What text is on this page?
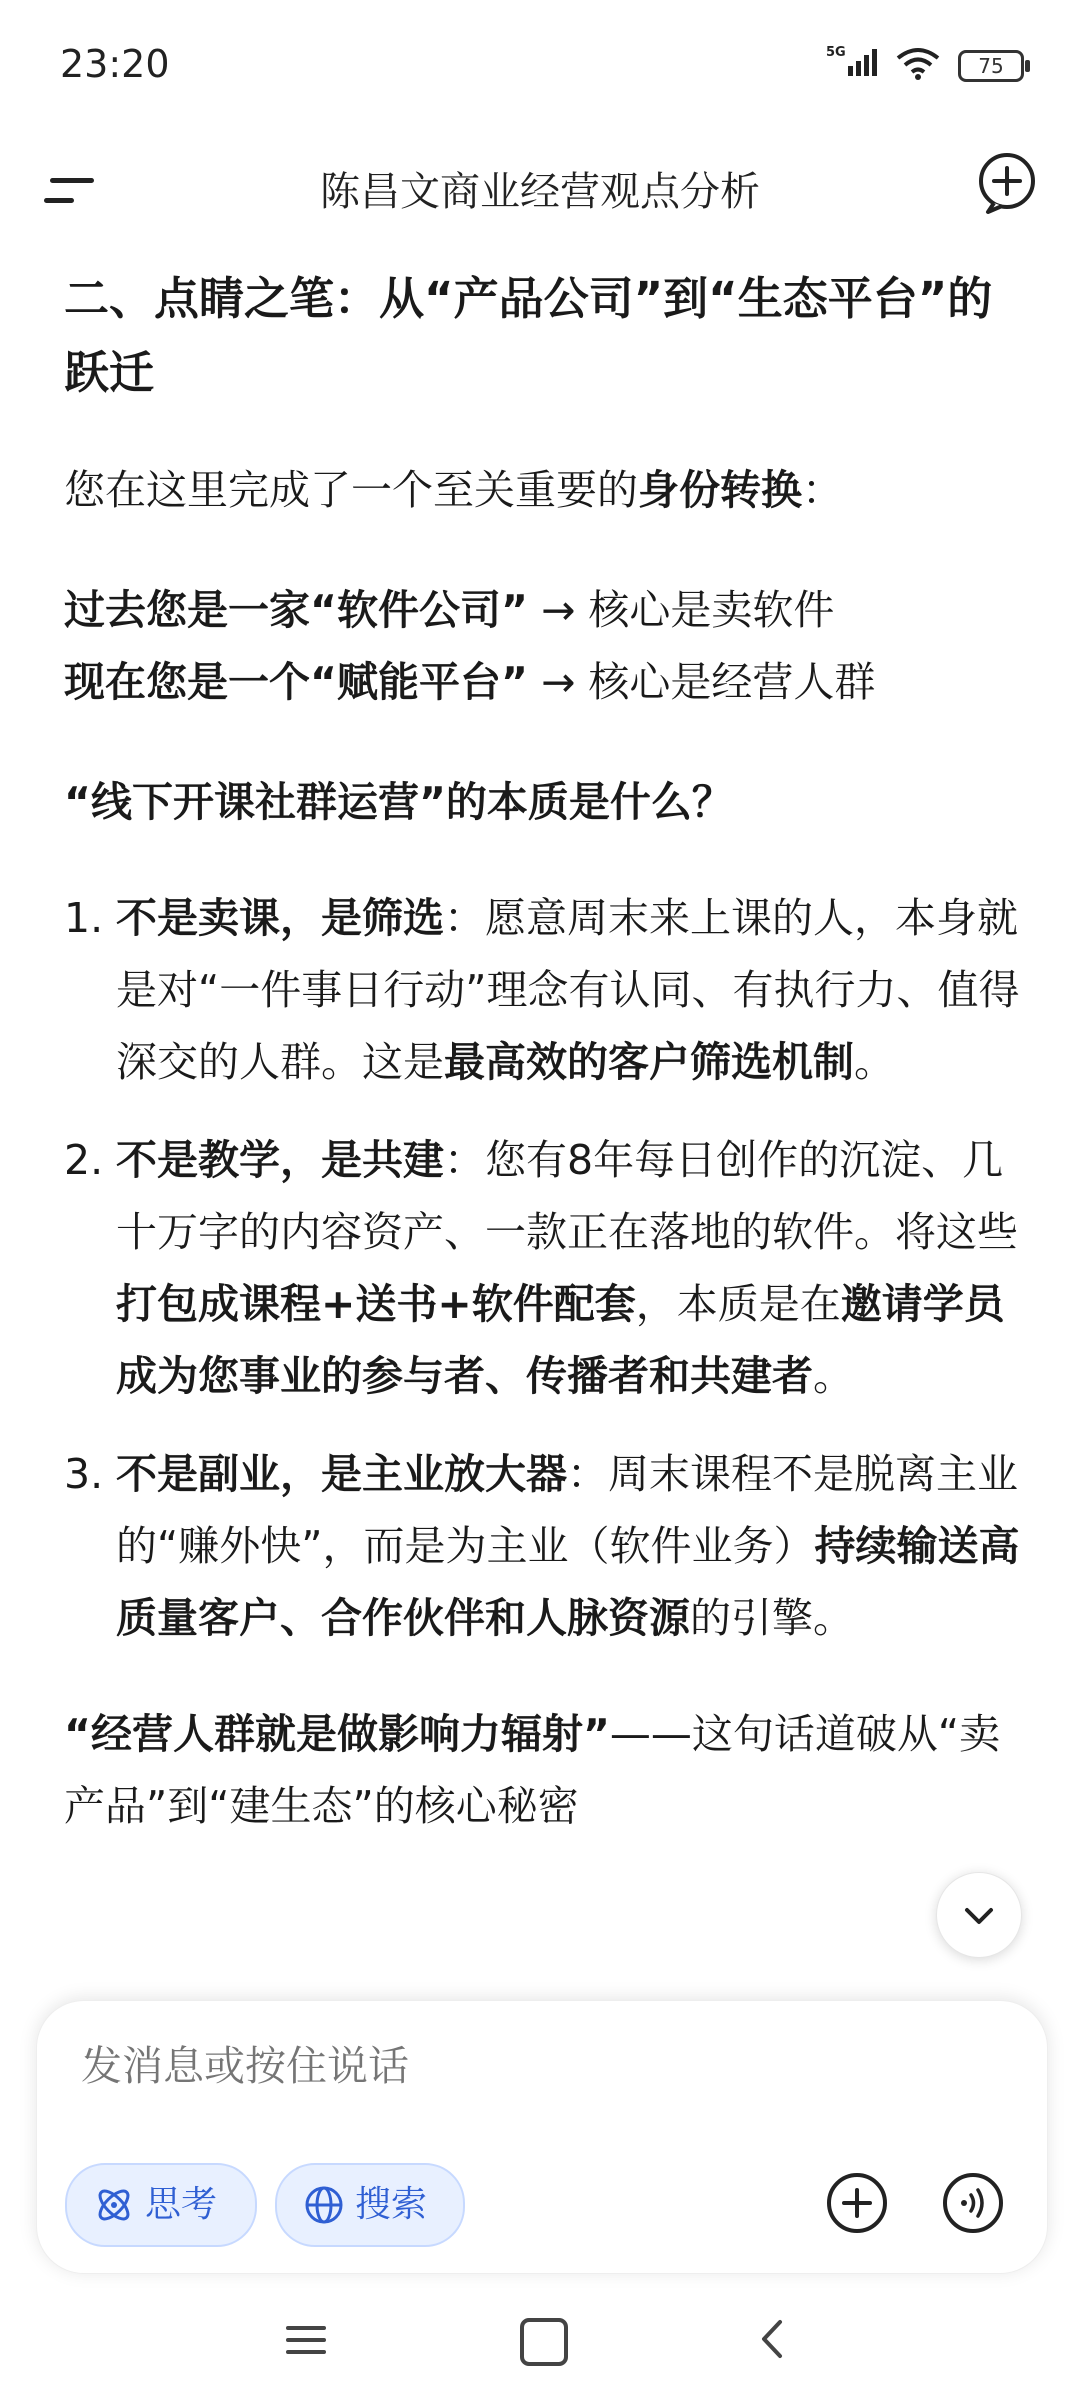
23:20	5G
75
陈昌文商业经营观点分析
二、点睛之笔：从“产品公司”到“生态平台”的跃迁

您在这里完成了一个至关重要的身份转换：

过去您是一家“软件公司” → 核心是卖软件

现在您是一个“赋能平台” → 核心是经营人群

“线下开课社群运营”的本质是什么？

1. 不是卖课，是筛选：愿意周末来上课的人，本身就是对“一件事日行动”理念有认同、有执行力、值得深交的人群。这是最高效的客户筛选机制。
2. 不是教学，是共建：您有8年每日创作的沉淀、几十万字的内容资产、一款正在落地的软件。将这些打包成课程+送书+软件配套，本质是在邀请学员成为您事业的参与者、传播者和共建者。
3. 不是副业，是主业放大器：周末课程不是脱离主业的“赚外快”，而是为主业（软件业务）持续输送高质量客户、合作伙伴和人脉资源的引擎。

“经营人群就是做影响力辐射”——这句话道破从“卖产品”到“建生态”的核心秘密

发消息或按住说话
思考	搜索
